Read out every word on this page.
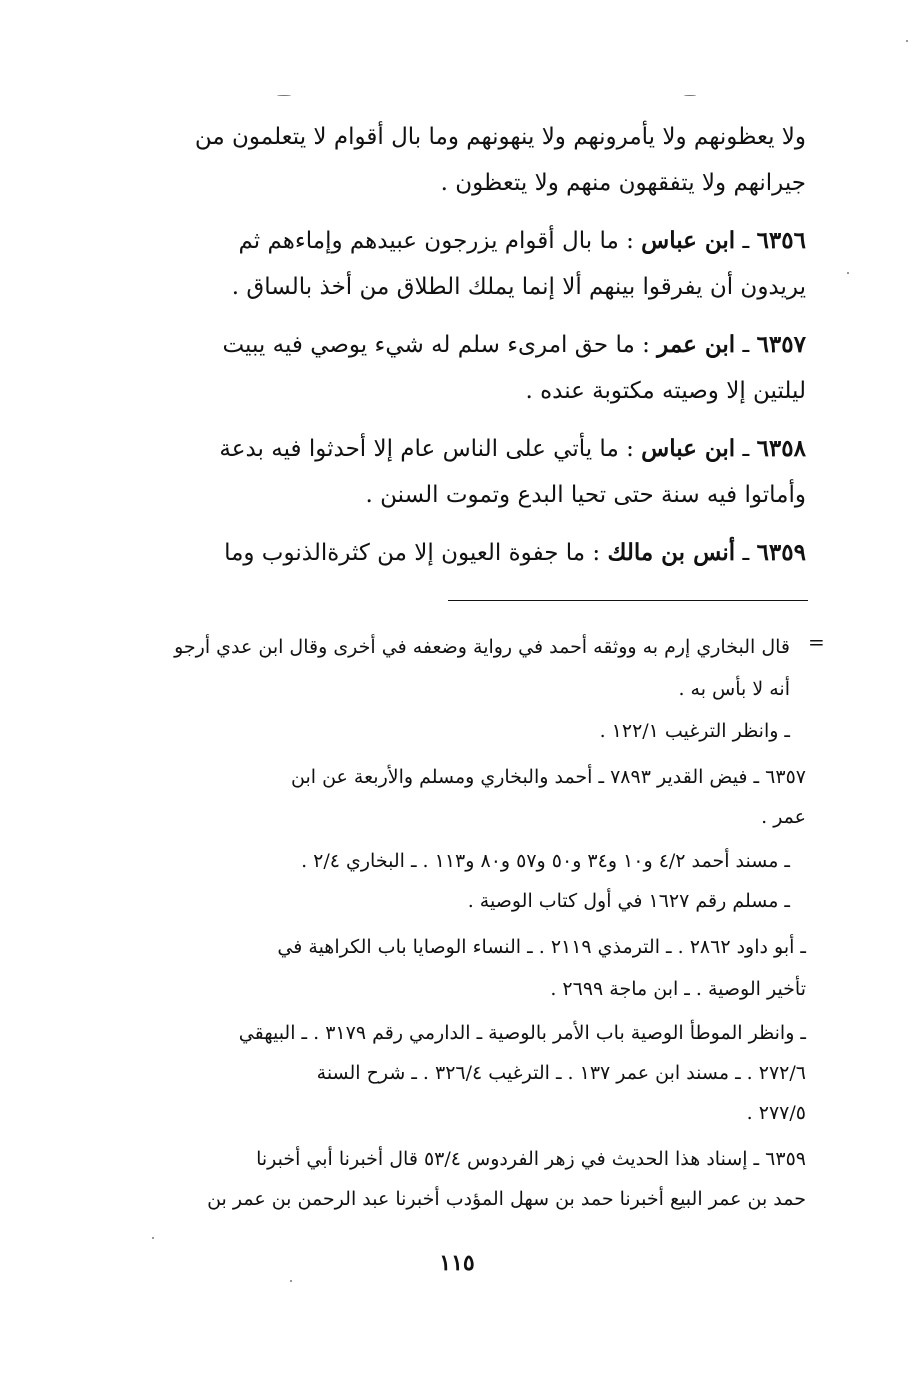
ولا يعظونهم ولا يأمرونهم ولا ينهونهم وما بال أقوام لا يتعلمون من
جيرانهم ولا يتفقهون منهم ولا يتعظون .
٦٣٥٦ ـ ابن عباس : ما بال أقوام يزرجون عبيدهم وإماءهم ثم
يريدون أن يفرقوا بينهم ألا إنما يملك الطلاق من أخذ بالساق .
٦٣٥٧ ـ ابن عمر : ما حق امرىء سلم له شيء يوصي فيه يبيت
ليلتين إلا وصيته مكتوبة عنده .
٦٣٥٨ ـ ابن عباس : ما يأتي على الناس عام إلا أحدثوا فيه بدعة
وأماتوا فيه سنة حتى تحيا البدع وتموت السنن .
٦٣٥٩ ـ أنس بن مالك : ما جفوة العيون إلا من كثرةالذنوب وما
=
قال البخاري إرم به ووثقه أحمد في رواية وضعفه في أخرى وقال ابن عدي أرجو
أنه لا بأس به .
ـ وانظر الترغيب ١٢٢/١ .
٦٣٥٧ ـ فيض القدير ٧٨٩٣ ـ أحمد والبخاري ومسلم والأربعة عن ابن
عمر .
ـ مسند أحمد ٤/٢ و١٠ و٣٤ و٥٠ و٥٧ و٨٠ و١١٣ . ـ البخاري ٢/٤ .
ـ مسلم رقم ١٦٢٧ في أول كتاب الوصية .
ـ أبو داود ٢٨٦٢ . ـ الترمذي ٢١١٩ . ـ النساء الوصايا باب الكراهية في
تأخير الوصية . ـ ابن ماجة ٢٦٩٩ .
ـ وانظر الموطأ الوصية باب الأمر بالوصية ـ الدارمي رقم ٣١٧٩ . ـ البيهقي
٢٧٢/٦ . ـ مسند ابن عمر ١٣٧ . ـ الترغيب ٣٢٦/٤ . ـ شرح السنة
٢٧٧/٥ .
٦٣٥٩ ـ إسناد هذا الحديث في زهر الفردوس ٥٣/٤ قال أخبرنا أبي أخبرنا
حمد بن عمر البيع أخبرنا حمد بن سهل المؤدب أخبرنا عبد الرحمن بن عمر بن
١١٥
